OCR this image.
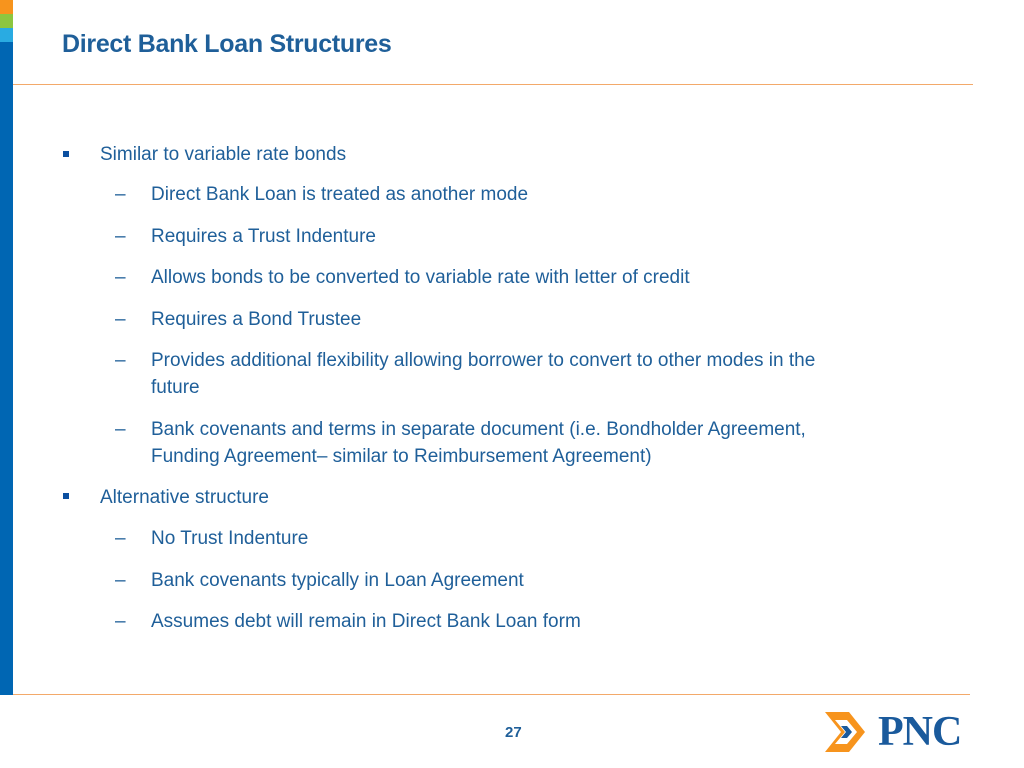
Direct Bank Loan Structures
Similar to variable rate bonds
– Direct Bank Loan is treated as another mode
– Requires a Trust Indenture
– Allows bonds to be converted to variable rate with letter of credit
– Requires a Bond Trustee
– Provides additional flexibility allowing borrower to convert to other modes in the
future
– Bank covenants and terms in separate document (i.e. Bondholder Agreement,
Funding Agreement– similar to Reimbursement Agreement)
Alternative structure
– No Trust Indenture
– Bank covenants typically in Loan Agreement
– Assumes debt will remain in Direct Bank Loan form
27	PNC
